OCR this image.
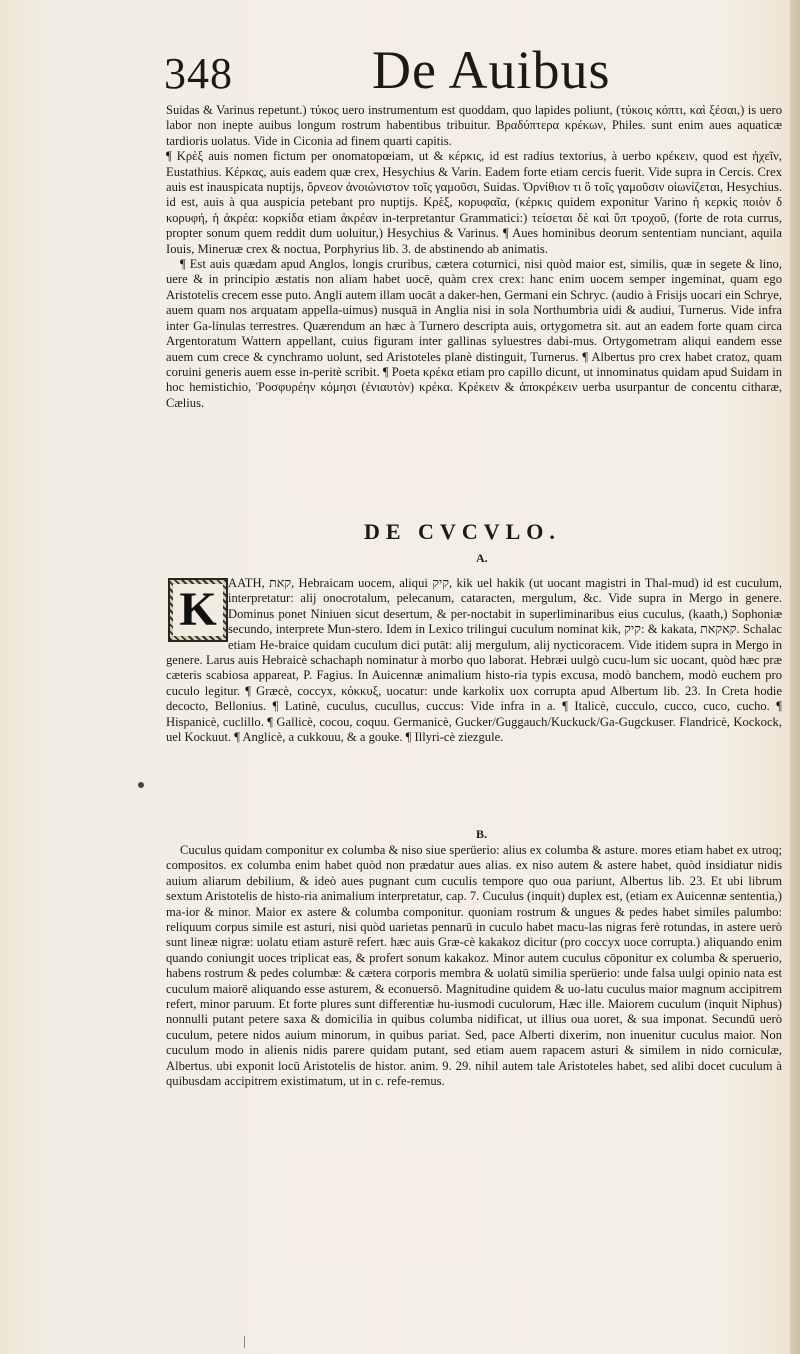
348	De Auibus

Suidas & Varinus repetunt.) τύκος uero instrumentum est quoddam, quo lapides poliunt, (τύκοις κόπτι, καὶ ξέσαι,) is uero labor non inepte auibus longum rostrum habentibus tribuitur. Βραδύπτερα κρέκων, Philes. sunt enim aues aquaticæ tardioris uolatus. Vide in Ciconia ad finem quarti capitis.

¶ Κρὲξ auis nomen fictum per onomatopœiam, ut & κέρκις, id est radius textorius, à uerbo κρέκειν, quod est ἠχεῖν, Eustathius. Κέρκας, auis eadem quæ crex, Hesychius & Varin. Eadem forte etiam cercis fuerit. Vide supra in Cercis. Crex auis est inauspicata nuptijs, ὄρνεον ἀνοιώνιστον τοῖς γαμοῦσι, Suidas. Ὀρνίθιον τι ὃ τοῖς γαμοῦσιν οἰωνίζεται, Hesychius. id est, auis à qua auspicia petebant pro nuptijs. Κρὲξ, κορυφαῖα, (κέρκις quidem exponitur Varino ἡ κερκὶς ποιὸν δ κορυφή, ἡ ἀκρέα: κορκίδα etiam ἀκρέαν in-terpretantur Grammatici:) τείσεται δὲ καὶ ὕπ τροχοῦ, (forte de rota currus, propter sonum quem reddit dum uoluitur,) Hesychius & Varinus. ¶ Aues hominibus deorum sententiam nunciant, aquila Iouis, Mineruæ crex & noctua, Porphyrius lib. 3. de abstinendo ab animatis.

¶ Est auis quædam apud Anglos, longis cruribus, cætera coturnici, nisi quòd maior est, similis, quæ in segete & lino, uere & in principio æstatis non aliam habet uocē, quàm crex crex: hanc enim uocem semper ingeminat, quam ego Aristotelis crecem esse puto. Angli autem illam uocāt a daker-hen, Germani ein Schryc. (audio à Frisijs uocari ein Schrye, auem quam nos arquatam appella-uimus) nusquā in Anglia nisi in sola Northumbria uidi & audiui, Turnerus. Vide infra inter Ga-linulas terrestres. Quærendum an hæc à Turnero descripta auis, ortygometra sit. aut an eadem forte quam circa Argentoratum Wattern appellant, cuius figuram inter gallinas syluestres dabi-mus. Ortygometram aliqui eandem esse auem cum crece & cynchramo uolunt, sed Aristoteles planè distinguit, Turnerus. ¶ Albertus pro crex habet cratoz, quam coruini generis auem esse in-peritè scribit. ¶ Poeta κρέκα etiam pro capillo dicunt, ut innominatus quidam apud Suidam in hoc hemistichio, Ῥοσφυρέην κόμησι (ἐνιαυτὸν) κρέκα. Κρέκειν & ἀποκρέκειν uerba usurpantur de concentu citharæ, Cælius.

DE CVCVLO.
A.

AATH, קאת, Hebraicam uocem, aliqui קיק, kik uel hakik (ut uocant magistri in Thal-mud) id est cuculum, interpretatur: alij onocrotalum, pelecanum, cataracten, mergulum, &c. Vide supra in Mergo in genere. Dominus ponet Niniuen sicut desertum, & per-noctabit in superliminaribus eius cuculus, (kaath,) Sophoniæ secundo, interprete Mun-stero. Idem in Lexico trilingui cuculum nominat kik, קיק: & kakata, קאקאת. Schalac etiam He-braice quidam cuculum dici putāt: alij mergulum, alij nycticoracem. Vide itidem supra in Mergo in genere. Larus auis Hebraicè schachaph nominatur à morbo quo laborat. Hebræi uulgò cucu-lum sic uocant, quòd hæc præ cæteris scabiosa appareat, P. Fagius. In Auicennæ animalium histo-ria typis excusa, modò banchem, modò euchem pro cuculo legitur. ¶ Græcè, coccyx, κόκκυξ, uocatur: unde karkolix uox corrupta apud Albertum lib. 23. In Creta hodie decocto, Bellonius. ¶ Latinè, cuculus, cucullus, cuccus: Vide infra in a. ¶ Italicè, cucculo, cucco, cuco, cucho. ¶ Hispanicè, cuclillo. ¶ Gallicè, cocou, coquu. Germanicè, Gucker/Guggauch/Kuckuck/Ga-Gugckuser. Flandricè, Kockock, uel Kockuut. ¶ Anglicè, a cukkouu, & a gouke. ¶ Illyri-cè ziezgule.

K
B.

Cuculus quidam componitur ex columba & niso siue sperüerio: alius ex columba & asture. mores etiam habet ex utroq; compositos. ex columba enim habet quòd non prædatur aues alias. ex niso autem & astere habet, quòd insidiatur nidis auium aliarum debilium, & ideò aues pugnant cum cuculis tempore quo oua pariunt, Albertus lib. 23. Et ubi librum sextum Aristotelis de histo-ria animalium interpretatur, cap. 7. Cuculus (inquit) duplex est, (etiam ex Auicennæ sententia,) ma-ior & minor. Maior ex astere & columba componitur. quoniam rostrum & ungues & pedes habet similes palumbo: reliquum corpus simile est asturi, nisi quòd uarietas pennarū in cuculo habet macu-las nigras ferè rotundas, in astere uerò sunt lineæ nigræ: uolatu etiam asturē refert. hæc auis Græ-cè kakakoz dicitur (pro coccyx uoce corrupta.) aliquando enim quando coniungit uoces triplicat eas, & profert sonum kakakoz. Minor autem cuculus cōponitur ex columba & speruerio, habens rostrum & pedes columbæ: & cætera corporis membra & uolatū similia sperüerio: unde falsa uulgi opinio nata est cuculum maiorē aliquando esse asturem, & econuersō. Magnitudine quidem & uo-latu cuculus maior magnum accipitrem refert, minor paruum. Et forte plures sunt differentiæ hu-iusmodi cuculorum, Hæc ille. Maiorem cuculum (inquit Niphus) nonnulli putant petere saxa & domicilia in quibus columba nidificat, ut illius oua uoret, & sua imponat. Secundū uerò cuculum, petere nidos auium minorum, in quibus pariat. Sed, pace Alberti dixerim, non inuenitur cuculus maior. Non cuculum modo in alienis nidis parere quidam putant, sed etiam auem rapacem asturi & similem in nido corniculæ, Albertus. ubi exponit locū Aristotelis de histor. anim. 9. 29. nihil autem tale Aristoteles habet, sed alibi docet cuculum à quibusdam accipitrem existimatum, ut in c. refe-remus.
